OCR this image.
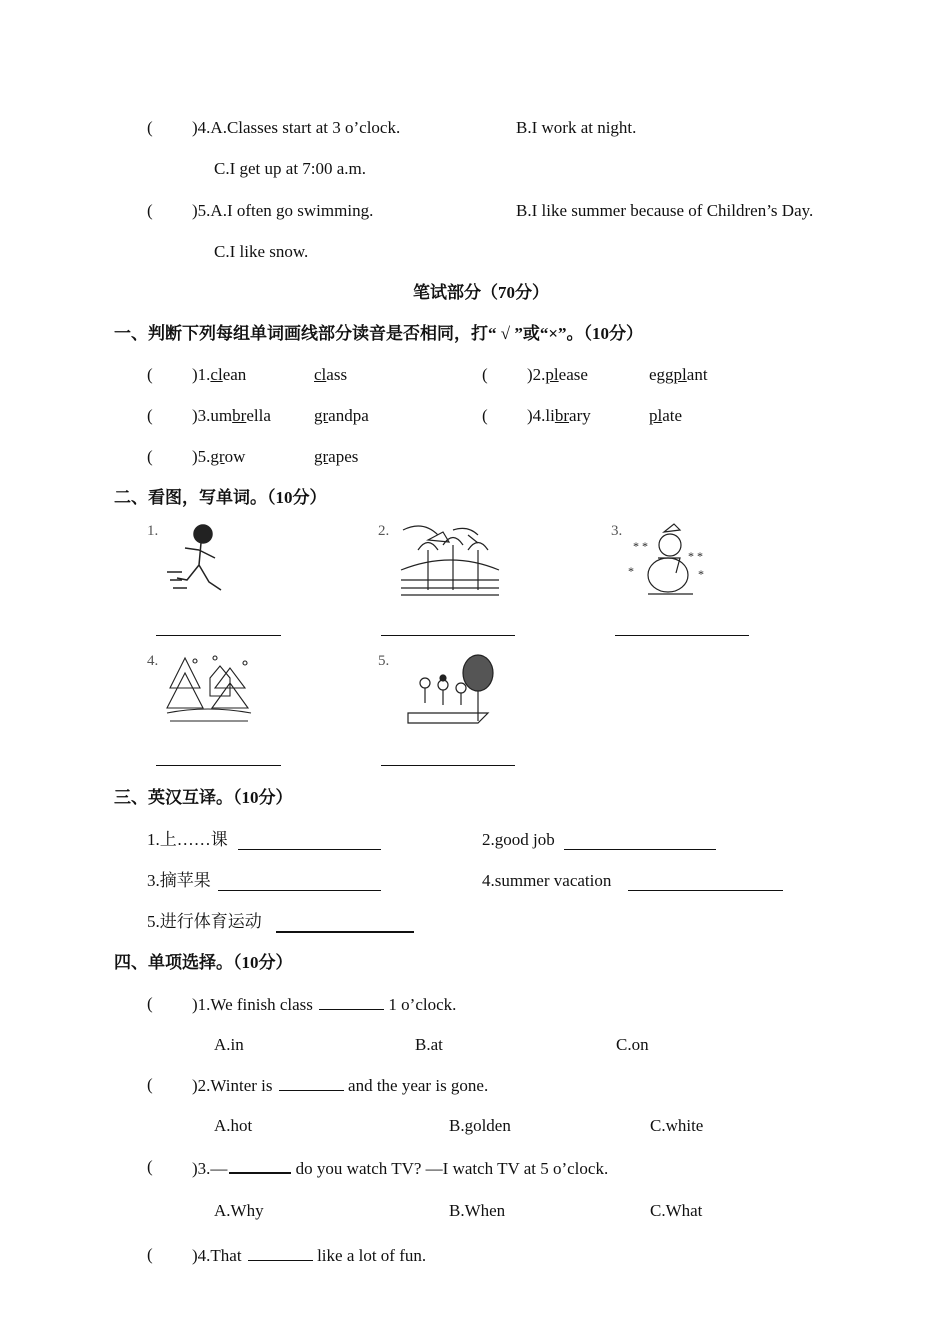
( )4.A.Classes start at 3 o’clock.	B.I work at night.
C.I get up at 7:00 a.m.
( )5.A.I often go swimming.	B.I like summer because of Children’s Day.
C.I like snow.
笔试部分（70分）
一、判断下列每组单词画线部分读音是否相同，打“ √ ”或“×”。（10分）
二、看图，写单词。（10分）
1.	2.	3.
4.	5.
* *
* *
*	*
三、英汉互译。（10分）
1.上……课	2.good job
3.摘苹果	4.summer vacation
5.进行体育运动
四、单项选择。（10分）
( )1.clean	class	( )2.please	eggplant
( )3.umbrella	grandpa	( )4.library	plate
( )5.grow	grapes
( )1.We finish class	1 o’clock.
A.in	B.at	C.on
( )2.Winter is	and the year is gone.
A.hot	B.golden	C.white
( )3.—	do you watch TV? —I watch TV at 5 o’clock.
A.Why	B.When	C.What
( )4.That	like a lot of fun.
